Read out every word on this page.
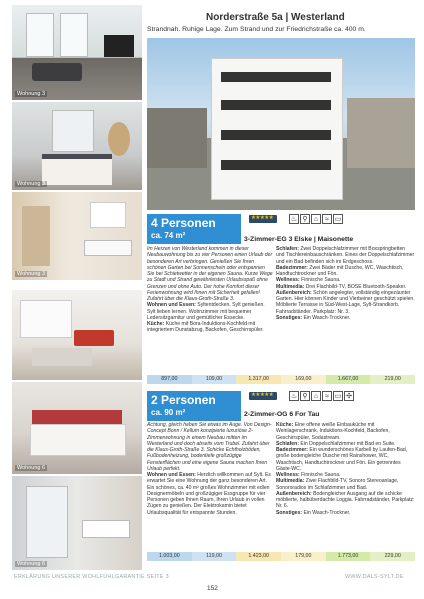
Wohnung 3
Wohnung 3
Wohnung 3
Wohnung 6
Wohnung 6
Norderstraße 5a | Westerland
Strandnah. Ruhige Lage. Zum Strand und zur Friedrichstraße ca. 400 m.
4 Personen
ca. 74 m²
★★★★★	♨ ⚲ ⌂ ≈ ▭
3-Zimmer-EG 3 Elske | Maisonette
Im Herzen von Westerland kommen in dieser Neubauwohnung bis zu vier Personen einen Urlaub der besonderen Art verbringen. Genießen Sie Ihren schönen Garten bei Sonnenschein oder entspannen Sie bei Schietwetter in der eigenen Sauna. Kurze Wege zu Stadt und Strand gewährleisten Urlaubsspaß ohne Grenzen und ohne Auto. Der hohe Komfort dieser Ferienwohnung wird Ihnen mit Sicherheit gefallen! Zufahrt über die Klaus-Groth-Straße 3.
Wohnen und Essen: Syltentdecken. Sylt genießen. Sylt lieben lernen. Wohnzimmer mit bequemer Ledersitzgarnitur und gemütlicher Essecke.
Küche: Küche mit Bora-Induktions-Kochfeld mit integriertem Dunstabzug, Backofen, Geschirrspüler.
Schlafen: Zwei Doppelschlafzimmer mit Boxspringbetten und Tischlereinbauschränken. Eines der Doppelschlafzimmer und ein Bad befinden sich im Erdgeschoss.
Badezimmer: Zwei Bäder mit Dusche, WC, Waschtisch, Handtuchtrockner und Fön.
Wellness: Finnische Sauna.
Multimedia: Drei Flachbild-TV, BOSE Bluetooth-Speaker.
Außenbereich: Schön angelegter, vollständig eingezäunter Garten. Hier können Kinder und Vierbeiner geschützt spielen. Möblierte Terrasse in Süd-West-Lage, Sylt-Strandkorb.
Fahrradständer. Parkplatz: Nr. 3.
Sonstiges: Ein Wasch-Trockner.
897,00	109,00	1.317,00	169,00	1.667,00	219,00
2 Personen
ca. 90 m²
★★★★★	♨ ⚲ ⌂ ≈ ▭ ✣
2-Zimmer-OG 6 For Tau
Achtung, gleich heben Sie etwas im Auge. Von Design-Concept Bonn / Kellum konzipierte luxuriöse 2-Zimmerwohnung in einem Neubau mitten im Westerland und doch abseits vom Trubel. Zufahrt über die Klaus-Groth-Straße 3. Schicke Echtholzböden, Fußbodenheizung, bodentiefe großzügige Fensterflächen und eine eigene Sauna machen Ihren Urlaub perfekt.
Wohnen und Essen: Herzlich willkommen auf Sylt. Es erwartet Sie eine Wohnung der ganz besonderen Art. Ein schönes, ca. 40 m² großes Wohnzimmer mit edlen Designermöbeln und großzügiger Essgruppe für vier Personen geben Ihnen Raum, Ihren Urlaub in vollen Zügen zu genießen. Der Elektrokamin bietet Urlaubsqualität für entspannte Stunden.
Küche: Eine offene weiße Einbauküche mit Weinlagerschrank, Induktions-Kochfeld, Backofen, Geschirrspüler, Sodastream.
Schlafen: Ein Doppelschlafzimmer mit Bad en Suite.
Badezimmer: Ein wunderschönes Karbell by Laufen-Bad, große bodengleiche Dusche mit Rainshower, WC, Waschtisch, Handtuchtrockner und Fön. Ein getrenntes Gäste-WC.
Wellness: Finnische Sauna.
Multimedia: Zwei Flachbild-TV, Sonoro Stereoanlage, Sonororadios im Schlafzimmer und Bad.
Außenbereich: Bodengleicher Ausgang auf die schicke möblierte, halbüberdachte Loggia. Fahrradständer. Parkplatz: Nr. 6.
Sonstiges: Ein Wasch-Trockner.
1.003,00	119,00	1.423,00	179,00	1.773,00	229,00
ERKLÄRUNG UNSERER WOHLFÜHLGARANTIE SEITE 3	WWW.DALS-SYLT.DE
152
